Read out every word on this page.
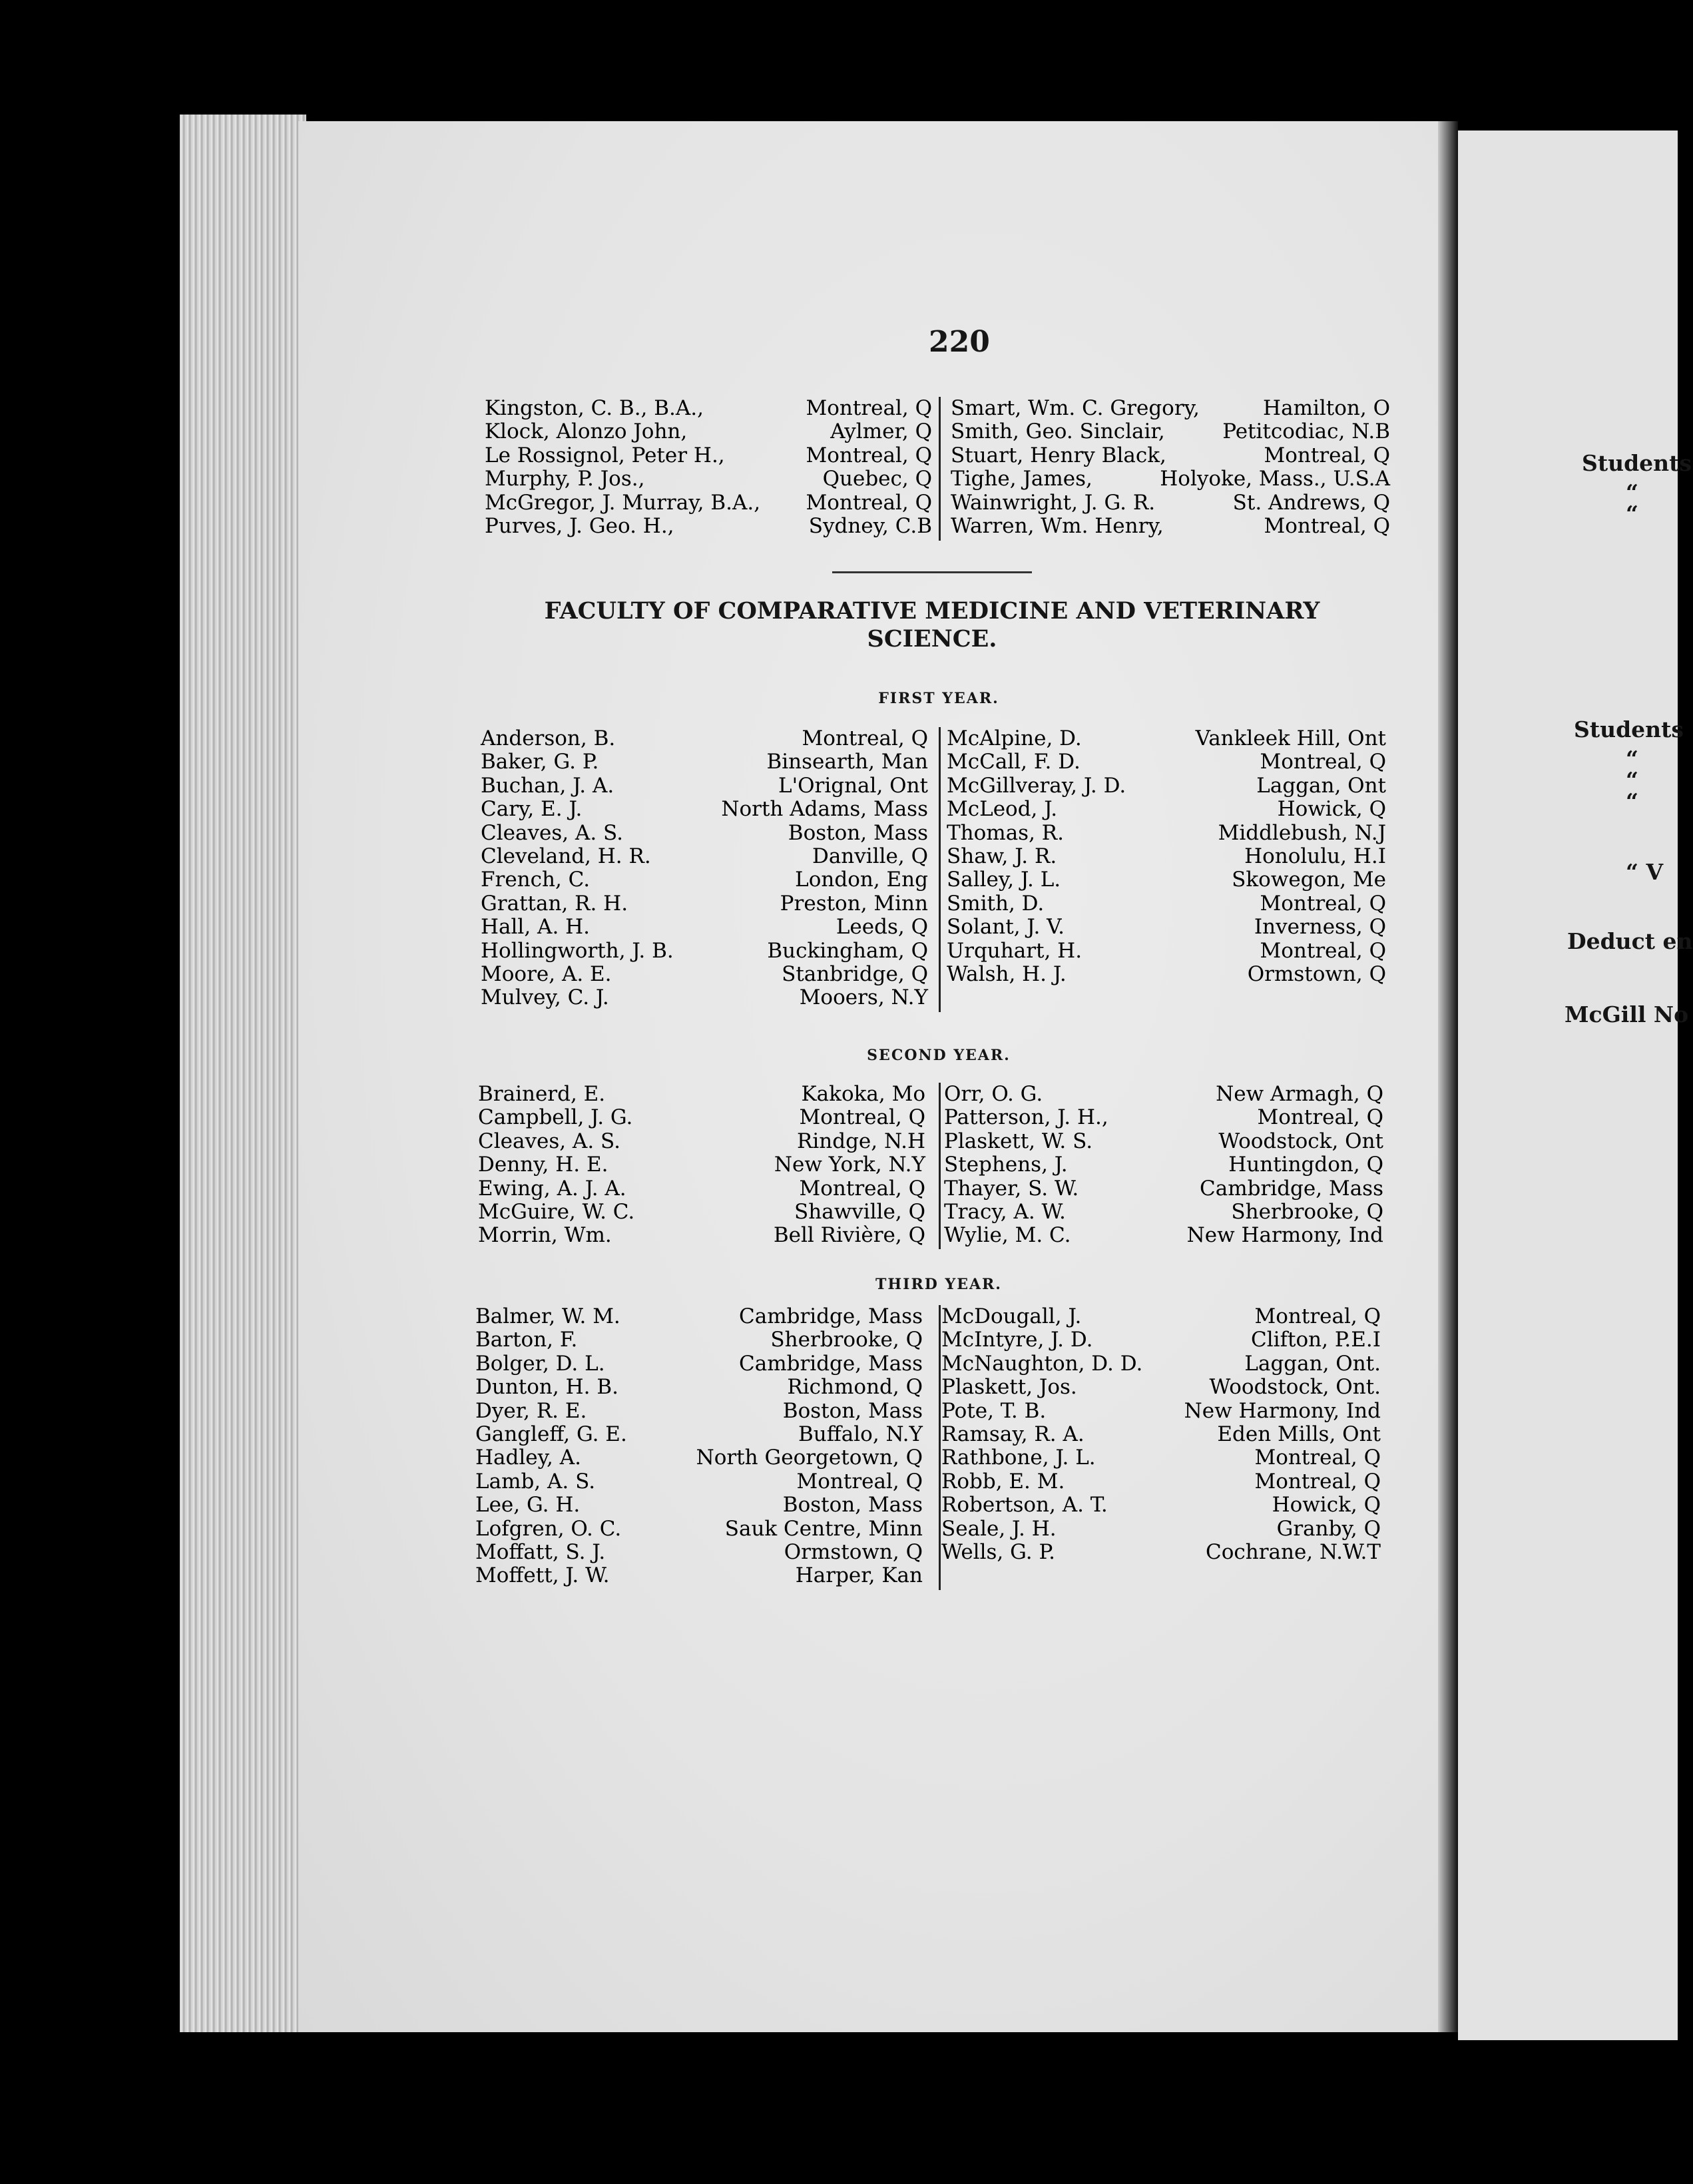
Students
“
“
Students
“
“
“
“ V
Deduct en
McGill No
220
Kingston, C. B., B.A.,	Montreal, Q Smart, Wm. C. Gregory,	Hamilton, O
Klock, Alonzo John,	Aylmer, Q Smith, Geo. Sinclair,	Petitcodiac, N.B
Le Rossignol, Peter H.,	Montreal, Q Stuart, Henry Black,	Montreal, Q
Murphy, P. Jos.,	Quebec, Q Tighe, James,	Holyoke, Mass., U.S.A
McGregor, J. Murray, B.A., Montreal, Q Wainwright, J. G. R.	St. Andrews, Q
Purves, J. Geo. H.,	Sydney, C.B Warren, Wm. Henry,	Montreal, Q
FACULTY OF COMPARATIVE MEDICINE AND VETERINARY
SCIENCE.
FIRST YEAR.
Anderson, B.	Montreal, Q McAlpine, D.	Vankleek Hill, Ont
Baker, G. P.	Binsearth, Man McCall, F. D.	Montreal, Q
Buchan, J. A.	L'Orignal, Ont McGillveray, J. D.	Laggan, Ont
Cary, E. J.	North Adams, Mass McLeod, J.	Howick, Q
Cleaves, A. S.	Boston, Mass Thomas, R.	Middlebush, N.J
Cleveland, H. R.	Danville, Q Shaw, J. R.	Honolulu, H.I
French, C.	London, Eng Salley, J. L.	Skowegon, Me
Grattan, R. H.	Preston, Minn Smith, D.	Montreal, Q
Hall, A. H.	Leeds, Q Solant, J. V.	Inverness, Q
Hollingworth, J. B.	Buckingham, Q Urquhart, H.	Montreal, Q
Moore, A. E.	Stanbridge, Q Walsh, H. J.	Ormstown, Q
Mulvey, C. J.	Mooers, N.Y
SECOND YEAR.
Brainerd, E.	Kakoka, Mo Orr, O. G.	New Armagh, Q
Campbell, J. G.	Montreal, Q Patterson, J. H.,	Montreal, Q
Cleaves, A. S.	Rindge, N.H Plaskett, W. S.	Woodstock, Ont
Denny, H. E.	New York, N.Y Stephens, J.	Huntingdon, Q
Ewing, A. J. A.	Montreal, Q Thayer, S. W.	Cambridge, Mass
McGuire, W. C.	Shawville, Q Tracy, A. W.	Sherbrooke, Q
Morrin, Wm.	Bell Rivière, Q Wylie, M. C.	New Harmony, Ind
THIRD YEAR.
Balmer, W. M.	Cambridge, Mass McDougall, J.	Montreal, Q
Barton, F.	Sherbrooke, Q McIntyre, J. D.	Clifton, P.E.I
Bolger, D. L.	Cambridge, Mass McNaughton, D. D.	Laggan, Ont.
Dunton, H. B.	Richmond, Q Plaskett, Jos.	Woodstock, Ont.
Dyer, R. E.	Boston, Mass Pote, T. B.	New Harmony, Ind
Gangleff, G. E.	Buffalo, N.Y Ramsay, R. A.	Eden Mills, Ont
Hadley, A.	North Georgetown, Q Rathbone, J. L.	Montreal, Q
Lamb, A. S.	Montreal, Q Robb, E. M.	Montreal, Q
Lee, G. H.	Boston, Mass Robertson, A. T.	Howick, Q
Lofgren, O. C.	Sauk Centre, Minn Seale, J. H.	Granby, Q
Moffatt, S. J.	Ormstown, Q Wells, G. P.	Cochrane, N.W.T
Moffett, J. W.	Harper, Kan
